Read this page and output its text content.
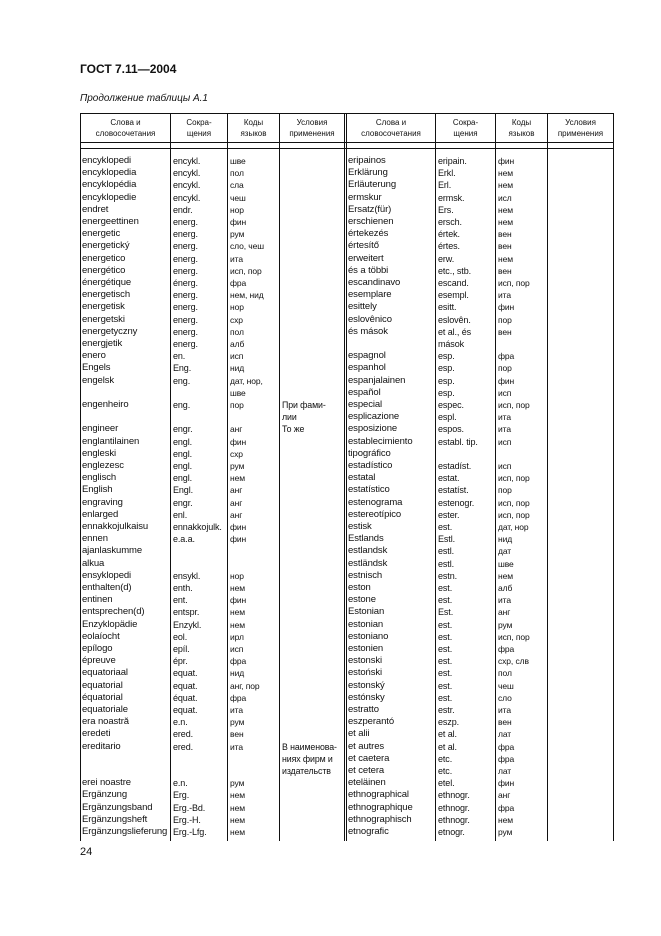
ГОСТ 7.11—2004
Продолжение таблицы А.1
Слова и
словосочетания
Сокра-
щения
Коды
языков
Условия
применения
Слова и
словосочетания
Сокра-
щения
Коды
языков
Условия
применения
encyklopedi	encykl.	шве
encyklopedia	encykl.	пол
encyklopédia	encykl.	сла
encyklopedie	encykl.	чеш
endret	endr.	нор
energeettinen	energ.	фин
energetic	energ.	рум
energetický	energ.	сло, чеш
energetico	energ.	ита
energético	energ.	исп, пор
énergétique	énerg.	фра
energetisch	energ.	нем, нид
energetisk	energ.	нор
energetski	energ.	схр
energetyczny	energ.	пол
energjetik	energ.	алб
enero	en.	исп
Engels	Eng.	нид
engelsk	eng.	дат, нор,
шве
engenheiro	eng.	пор	При фами-
лии
engineer	engr.	анг	То же
englantilainen	engl.	фин
engleski	engl.	схр
englezesc	engl.	рум
englisch	engl.	нем
English	Engl.	анг
engraving	engr.	анг
enlarged	enl.	анг
ennakkojulkaisu	ennakkojulk. фин
ennen	e.a.a.	фин
ajanlaskumme
alkua
ensyklopedi	ensykl.	нор
enthalten(d)	enth.	нем
entinen	ent.	фин
entsprechen(d)	entspr.	нем
Enzyklopädie	Enzykl.	нем
eolaíocht	eol.	ирл
epílogo	epíl.	исп
épreuve	épr.	фра
equatoriaal	equat.	нид
equatorial	equat.	анг, пор
équatorial	équat.	фра
equatoriale	equat.	ита
era noastră	e.n.	рум
eredeti	ered.	вен
ereditario	ered.	ита	В наименова-
ниях фирм и
издательств
erei noastre	e.n.	рум
Ergänzung	Erg.	нем
Ergänzungsband Erg.-Bd.	нем
Ergänzungsheft	Erg.-H.	нем
Ergänzungslieferung Erg.-Lfg.	нем
eripainos	eripain.	фин
Erklärung	Erkl.	нем
Erläuterung	Erl.	нем
ermskur	ermsk.	исл
Ersatz(für)	Ers.	нем
erschienen	ersch.	нем
értekezés	értek.	вен
értesítő	értes.	вен
erweitert	erw.	нем
és a többi	etc., stb.	вен
escandinavo	escand.	исп, пор
esemplare	esempl.	ита
esittely	esitt.	фин
eslovênico	eslovên.	пор
és mások	et al., és	вен
mások
espagnol	esp.	фра
espanhol	esp.	пор
espanjalainen	esp.	фин
español	esp.	исп
especial	espec.	исп, пор
esplicazione	espl.	ита
esposizione	espos.	ита
establecimiento	establ. tip. исп
tipográfico
estadístico	estadíst.	исп
estatal	estat.	исп, пор
estatístico	estatíst.	пор
estenograma	estenogr.	исп, пор
estereotípico	ester.	исп, пор
estisk	est.	дат, нор
Estlands	Estl.	нид
estlandsk	estl.	дат
estländsk	estl.	шве
estnisch	estn.	нем
eston	est.	алб
estone	est.	ита
Estonian	Est.	анг
estonian	est.	рум
estoniano	est.	исп, пор
estonien	est.	фра
estonski	est.	схр, слв
estoński	est.	пол
estonský	est.	чеш
estónsky	est.	сло
estratto	estr.	ита
eszperantó	eszp.	вен
et alii	et al.	лат
et autres	et al.	фра
et caetera	etc.	фра
et cetera	etc.	лат
eteläinen	etel.	фин
ethnographical	ethnogr.	анг
ethnographique	ethnogr.	фра
ethnographisch	ethnogr.	нем
etnografic	etnogr.	рум
24
